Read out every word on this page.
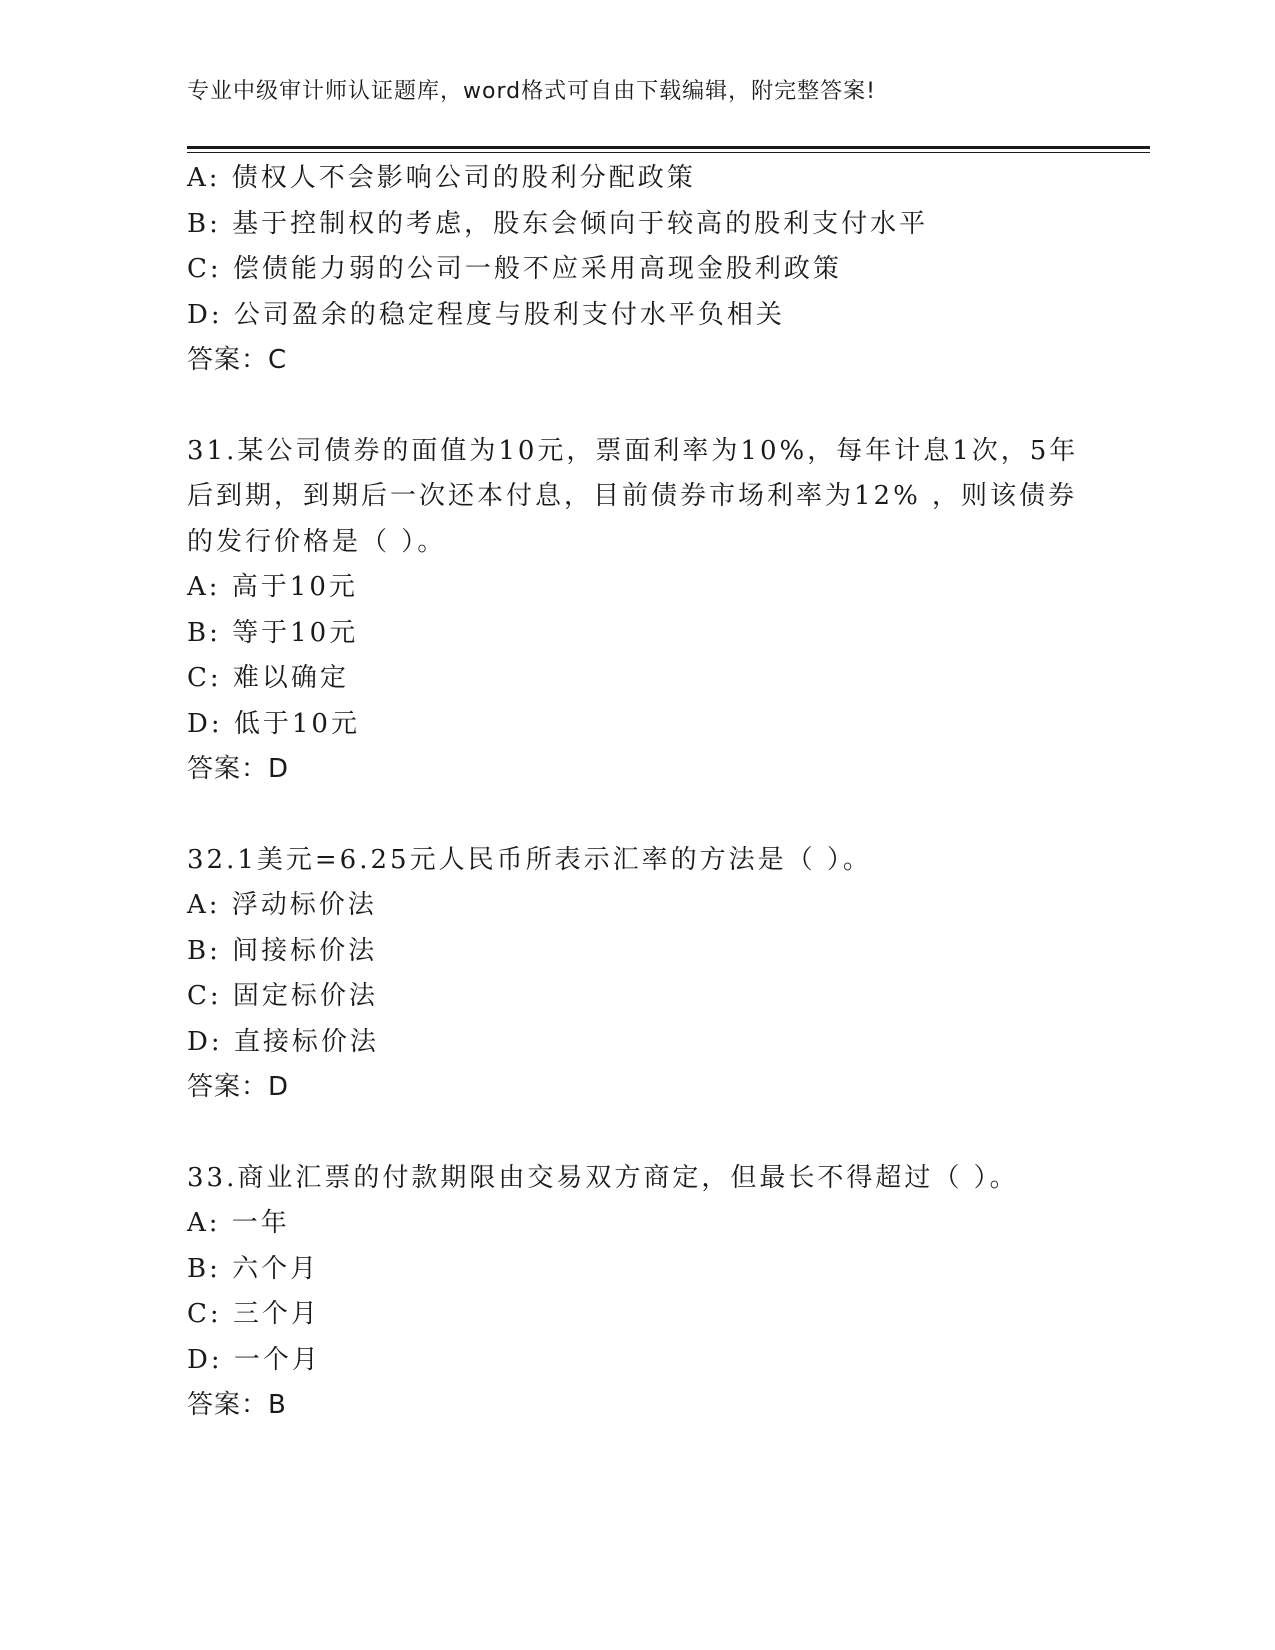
专业中级审计师认证题库，word格式可自由下载编辑，附完整答案!
A: 债权人不会影响公司的股利分配政策
B: 基于控制权的考虑，股东会倾向于较高的股利支付水平
C: 偿债能力弱的公司一般不应采用高现金股利政策
D: 公司盈余的稳定程度与股利支付水平负相关
答案：C
31.某公司债券的面值为10元，票面利率为10%，每年计息1次，5年
后到期，到期后一次还本付息，目前债券市场利率为12% ，则该债券
的发行价格是（ ）。
A: 高于10元
B: 等于10元
C: 难以确定
D: 低于10元
答案：D
32.1美元=6.25元人民币所表示汇率的方法是（ ）。
A: 浮动标价法
B: 间接标价法
C: 固定标价法
D: 直接标价法
答案：D
33.商业汇票的付款期限由交易双方商定，但最长不得超过（ ）。
A: 一年
B: 六个月
C: 三个月
D: 一个月
答案：B
